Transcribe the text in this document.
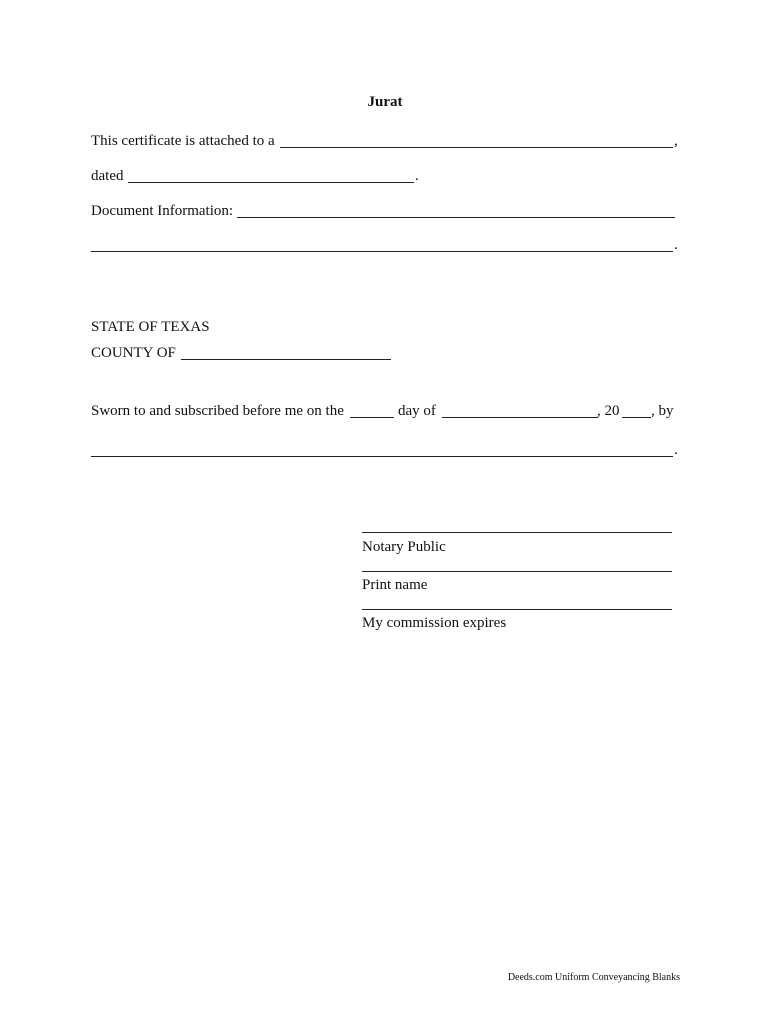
Jurat
This certificate is attached to a	,
dated	.
Document Information:
.
STATE OF TEXAS
COUNTY OF
Sworn to and subscribed before me on the	day of	, 20 , by
.
Notary Public
Print name
My commission expires
Deeds.com Uniform Conveyancing Blanks
